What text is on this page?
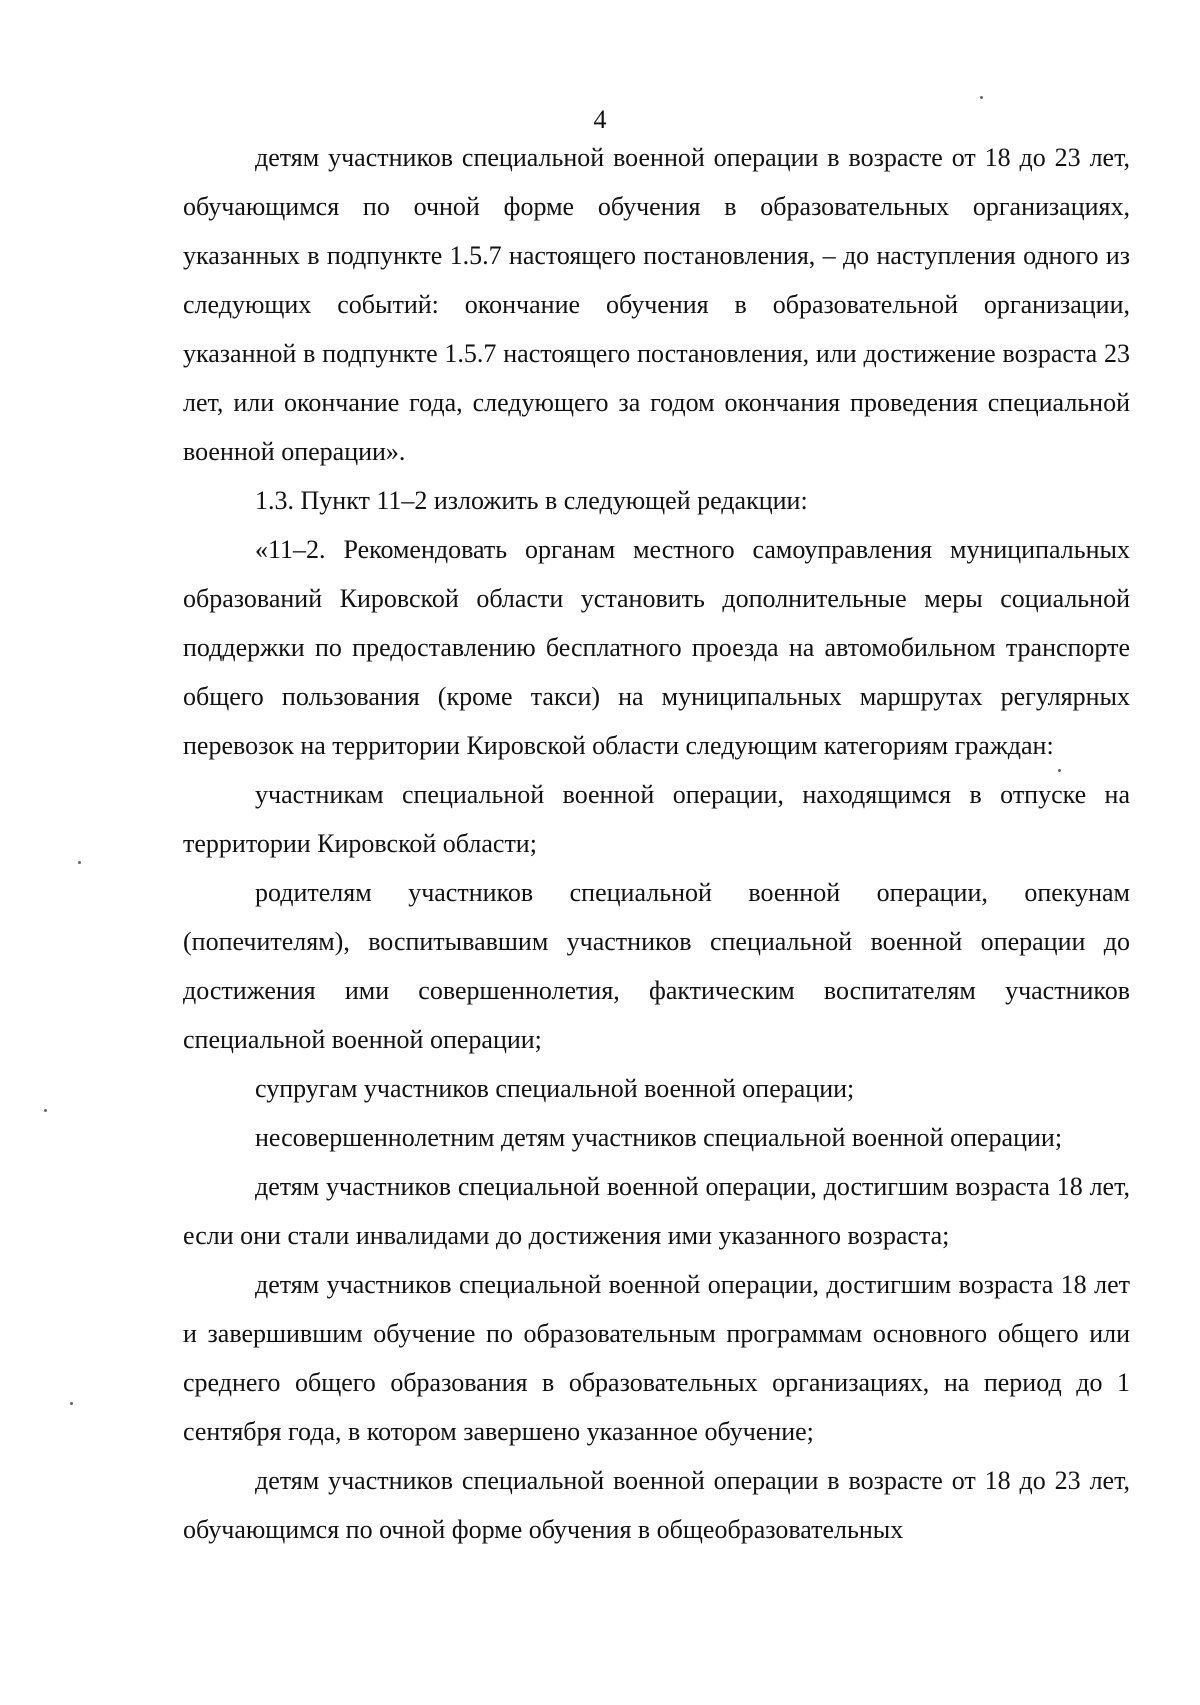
4

детям участников специальной военной операции в возрасте от 18 до 23 лет, обучающимся по очной форме обучения в образовательных организациях, указанных в подпункте 1.5.7 настоящего постановления, – до наступления одного из следующих событий: окончание обучения в образовательной организации, указанной в подпункте 1.5.7 настоящего постановления, или достижение возраста 23 лет, или окончание года, следующего за годом окончания проведения специальной военной операции».

1.3. Пункт 11–2 изложить в следующей редакции:

«11–2. Рекомендовать органам местного самоуправления муниципальных образований Кировской области установить дополнительные меры социальной поддержки по предоставлению бесплатного проезда на автомобильном транспорте общего пользования (кроме такси) на муниципальных маршрутах регулярных перевозок на территории Кировской области следующим категориям граждан:

участникам специальной военной операции, находящимся в отпуске на территории Кировской области;

родителям участников специальной военной операции, опекунам (попечителям), воспитывавшим участников специальной военной операции до достижения ими совершеннолетия, фактическим воспитателям участников специальной военной операции;

супругам участников специальной военной операции;

несовершеннолетним детям участников специальной военной операции;

детям участников специальной военной операции, достигшим возраста 18 лет, если они стали инвалидами до достижения ими указанного возраста;

детям участников специальной военной операции, достигшим возраста 18 лет и завершившим обучение по образовательным программам основного общего или среднего общего образования в образовательных организациях, на период до 1 сентября года, в котором завершено указанное обучение;

детям участников специальной военной операции в возрасте от 18 до 23 лет, обучающимся по очной форме обучения в общеобразовательных
